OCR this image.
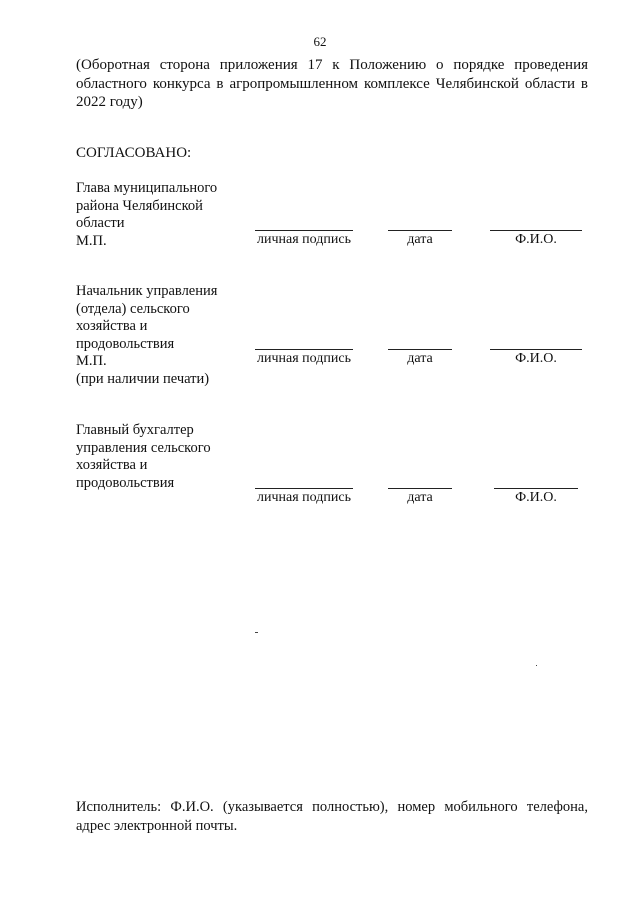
62
(Оборотная сторона приложения 17 к Положению о порядке проведения
областного конкурса в агропромышленном комплексе Челябинской области в
2022 году)
СОГЛАСОВАНО:
Глава муниципального
района Челябинской
области
М.П.	личная подпись	дата	Ф.И.О.
Начальник управления
(отдела) сельского
хозяйства и
продовольствия
М.П.
(при наличии печати)
личная подпись	дата	Ф.И.О.
Главный бухгалтер
управления сельского
хозяйства и
продовольствия
личная подпись	дата	Ф.И.О.
Исполнитель: Ф.И.О. (указывается полностью), номер мобильного телефона,
адрес электронной почты.
